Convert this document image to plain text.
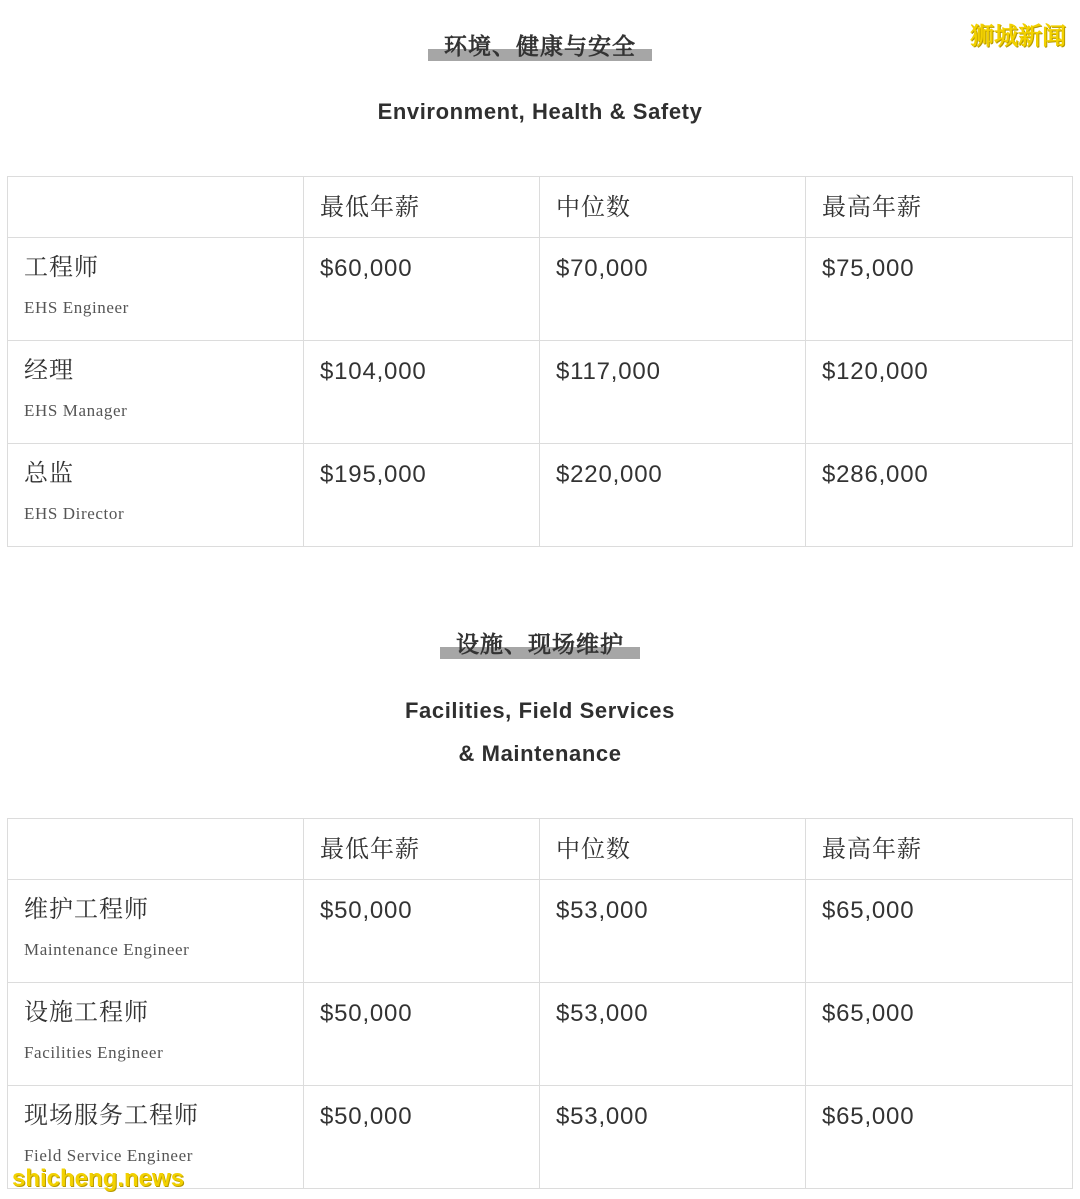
狮城新闻
环境、健康与安全
Environment, Health & Safety
	最低年薪	中位数	最高年薪

工程师
EHS Engineer	$60,000	$70,000	$75,000

经理
EHS Manager	$104,000	$117,000	$120,000

总监
EHS Director	$195,000	$220,000	$286,000
设施、现场维护
Facilities, Field Services
& Maintenance
	最低年薪	中位数	最高年薪

维护工程师
Maintenance Engineer	$50,000	$53,000	$65,000

设施工程师
Facilities Engineer	$50,000	$53,000	$65,000

现场服务工程师
Field Service Engineer	$50,000	$53,000	$65,000
shicheng.news
